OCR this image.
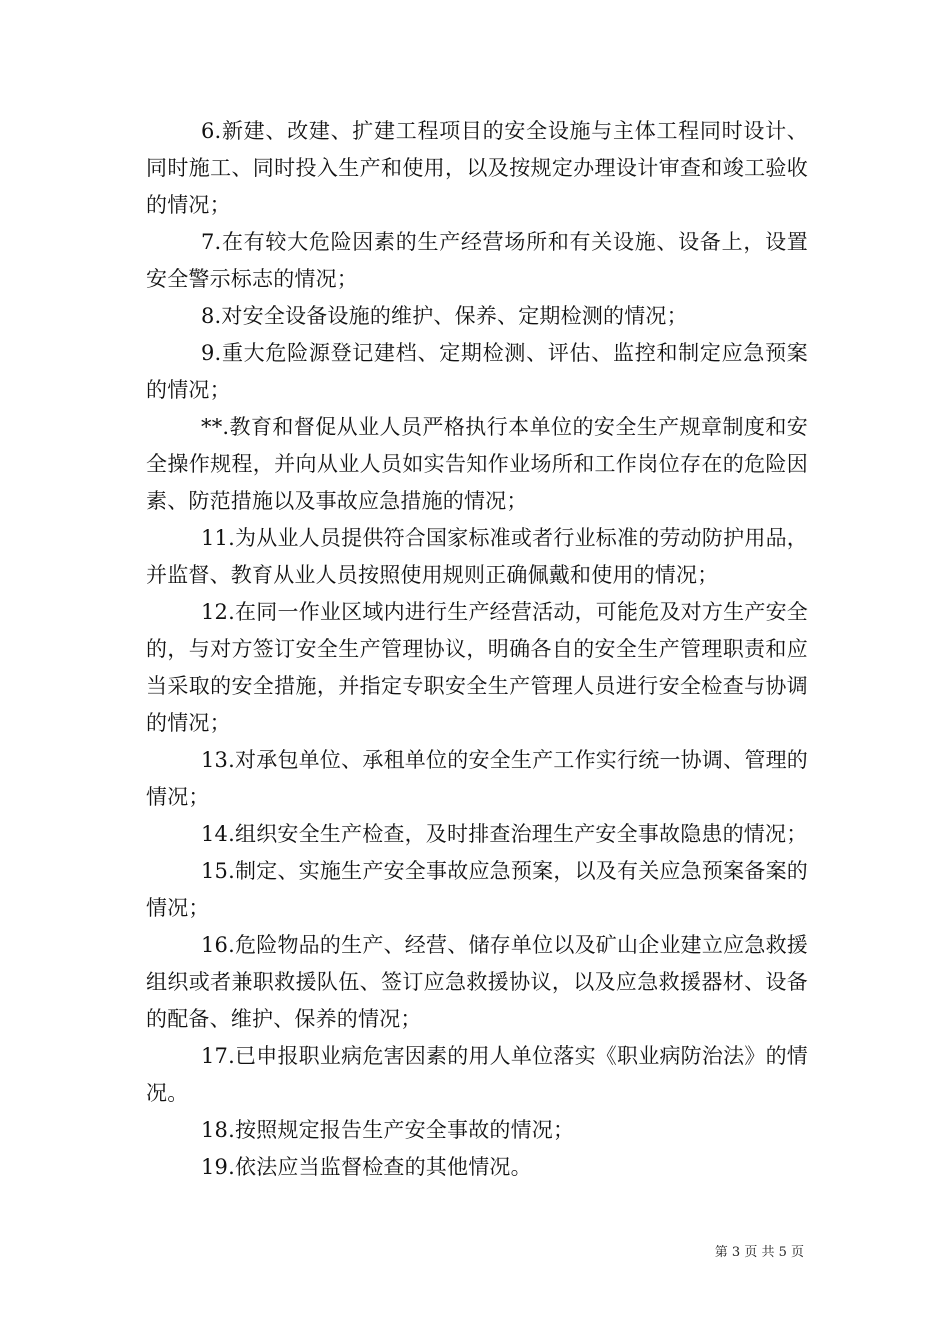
6.新建、改建、扩建工程项目的安全设施与主体工程同时设计、同时施工、同时投入生产和使用，以及按规定办理设计审查和竣工验收的情况；

7.在有较大危险因素的生产经营场所和有关设施、设备上，设置安全警示标志的情况；

8.对安全设备设施的维护、保养、定期检测的情况；

9.重大危险源登记建档、定期检测、评估、监控和制定应急预案的情况；

**.教育和督促从业人员严格执行本单位的安全生产规章制度和安全操作规程，并向从业人员如实告知作业场所和工作岗位存在的危险因素、防范措施以及事故应急措施的情况；

11.为从业人员提供符合国家标准或者行业标准的劳动防护用品，并监督、教育从业人员按照使用规则正确佩戴和使用的情况；

12.在同一作业区域内进行生产经营活动，可能危及对方生产安全的，与对方签订安全生产管理协议，明确各自的安全生产管理职责和应当采取的安全措施，并指定专职安全生产管理人员进行安全检查与协调的情况；

13.对承包单位、承租单位的安全生产工作实行统一协调、管理的情况；

14.组织安全生产检查，及时排查治理生产安全事故隐患的情况；

15.制定、实施生产安全事故应急预案，以及有关应急预案备案的情况；

16.危险物品的生产、经营、储存单位以及矿山企业建立应急救援组织或者兼职救援队伍、签订应急救援协议，以及应急救援器材、设备的配备、维护、保养的情况；

17.已申报职业病危害因素的用人单位落实《职业病防治法》的情况。

18.按照规定报告生产安全事故的情况；

19.依法应当监督检查的其他情况。

第 3 页 共 5 页
